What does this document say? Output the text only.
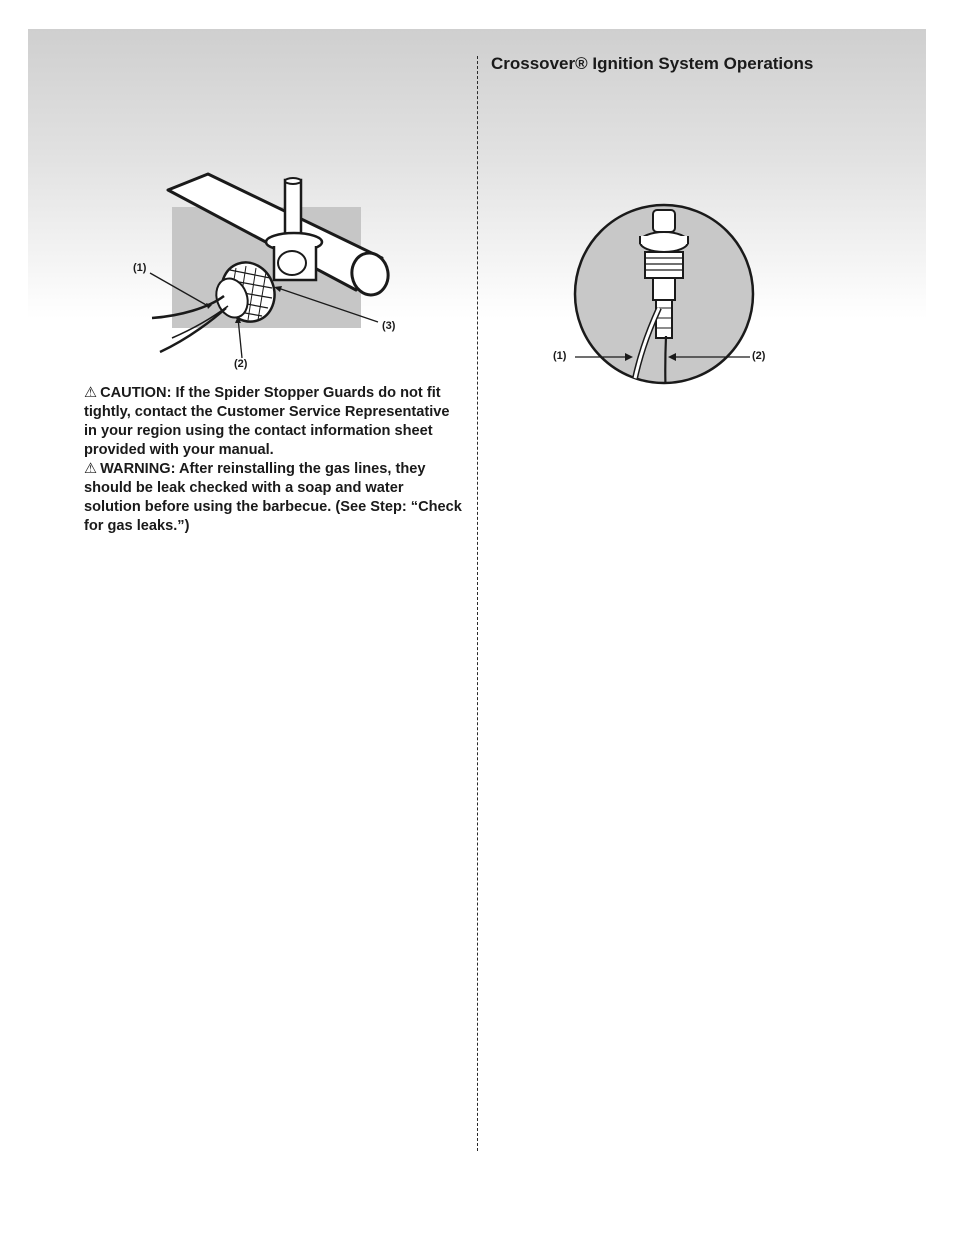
Crossover® Ignition System Operations
(1)
(2)
(3)
(1)	(2)

⚠ CAUTION: If the Spider Stopper Guards do not fit tightly, contact the Customer Service Representative in your region using the contact information sheet provided with your manual.

⚠ WARNING: After reinstalling the gas lines, they should be leak checked with a soap and water solution before using the barbecue. (See Step: “Check for gas leaks.”)
